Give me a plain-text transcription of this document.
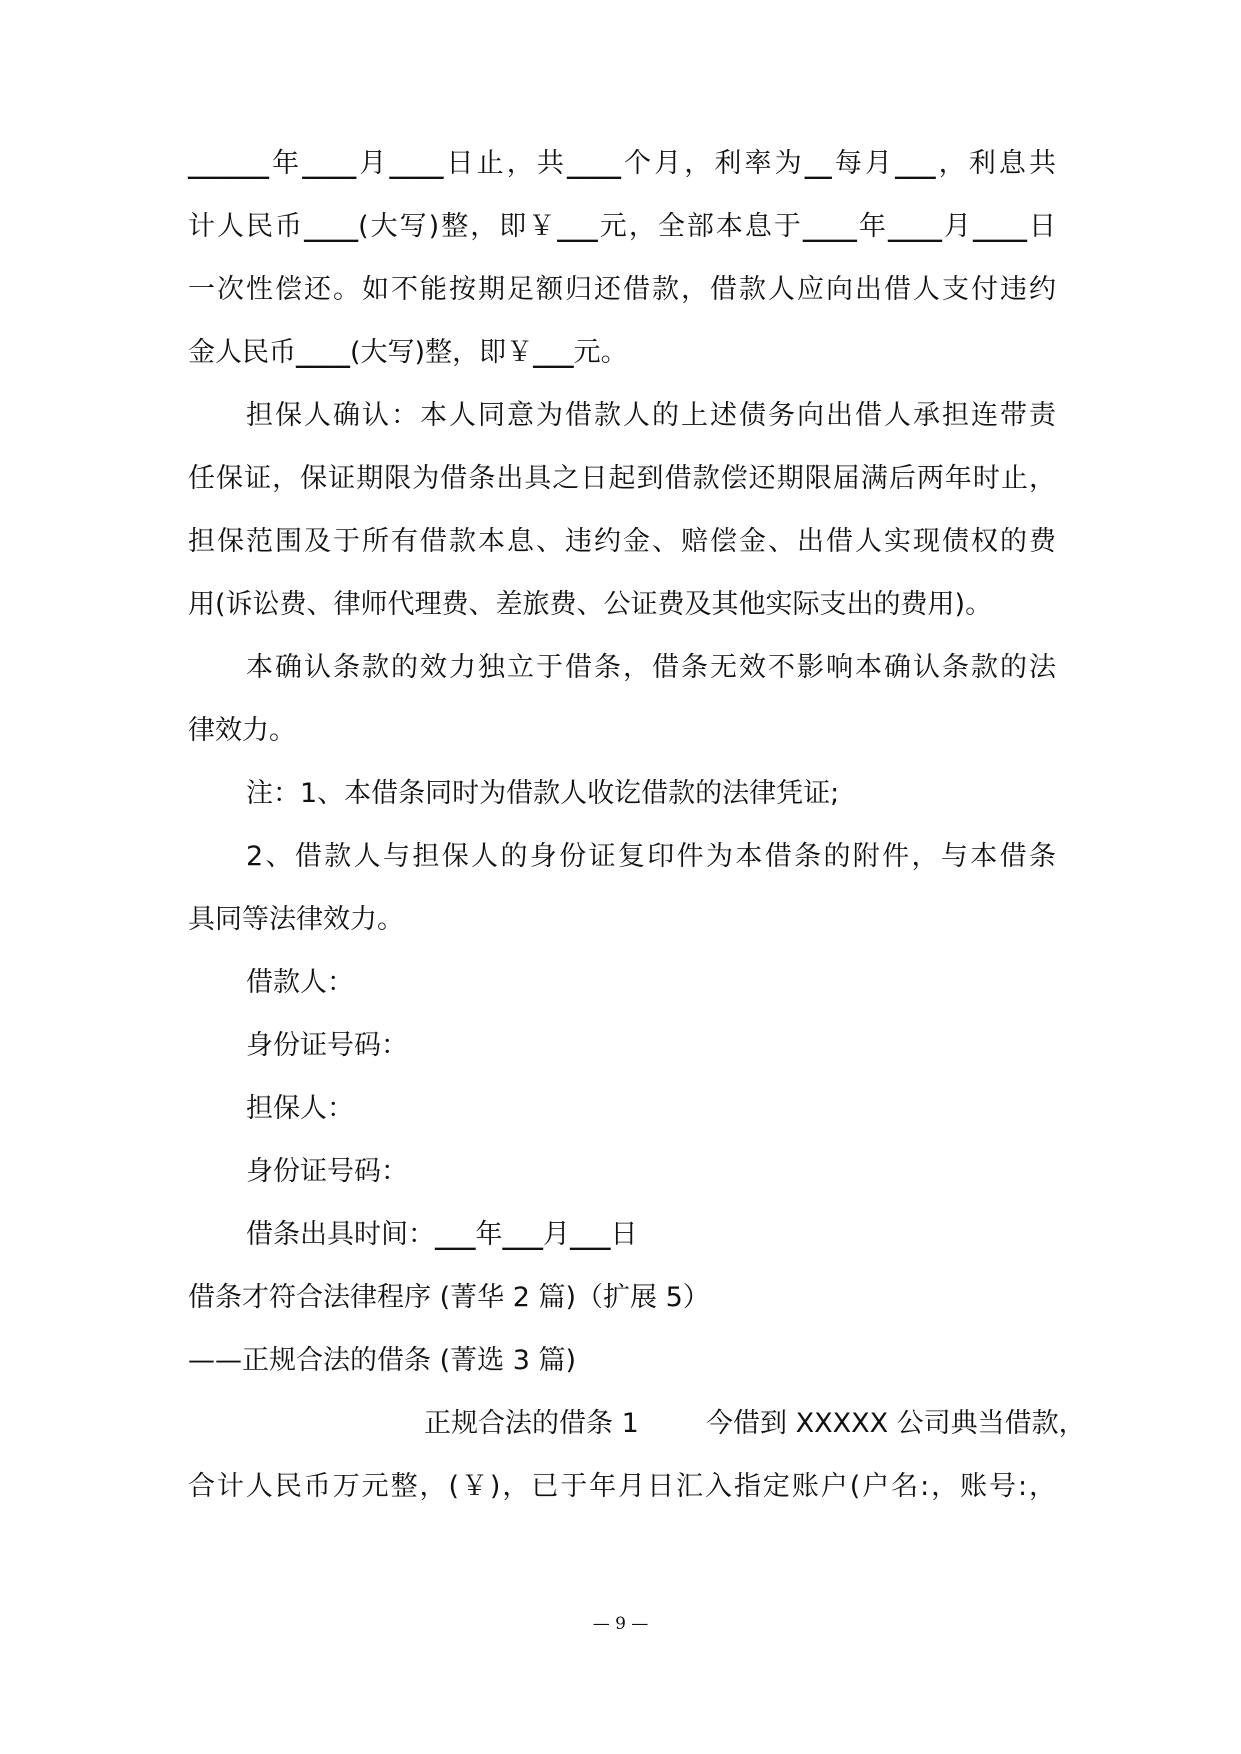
______年____月____日止，共____个月，利率为__每月___，利息共
计人民币____(大写)整，即￥___元，全部本息于____年____月____日
一次性偿还。如不能按期足额归还借款，借款人应向出借人支付违约
金人民币____(大写)整，即￥___元。
担保人确认：本人同意为借款人的上述债务向出借人承担连带责
任保证，保证期限为借条出具之日起到借款偿还期限届满后两年时止，
担保范围及于所有借款本息、违约金、赔偿金、出借人实现债权的费
用(诉讼费、律师代理费、差旅费、公证费及其他实际支出的费用)。
本确认条款的效力独立于借条，借条无效不影响本确认条款的法
律效力。
注：1、本借条同时为借款人收讫借款的法律凭证;
2、借款人与担保人的身份证复印件为本借条的附件，与本借条
具同等法律效力。
借款人：
身份证号码：
担保人：
身份证号码：
借条出具时间：___年___月___日
借条才符合法律程序 (菁华 2 篇)（扩展 5）
——正规合法的借条 (菁选 3 篇)
正规合法的借条 1 今借到 XXXXX 公司典当借款，
合计人民币万元整，(￥)，已于年月日汇入指定账户(户名:，账号:，
— 9 —
